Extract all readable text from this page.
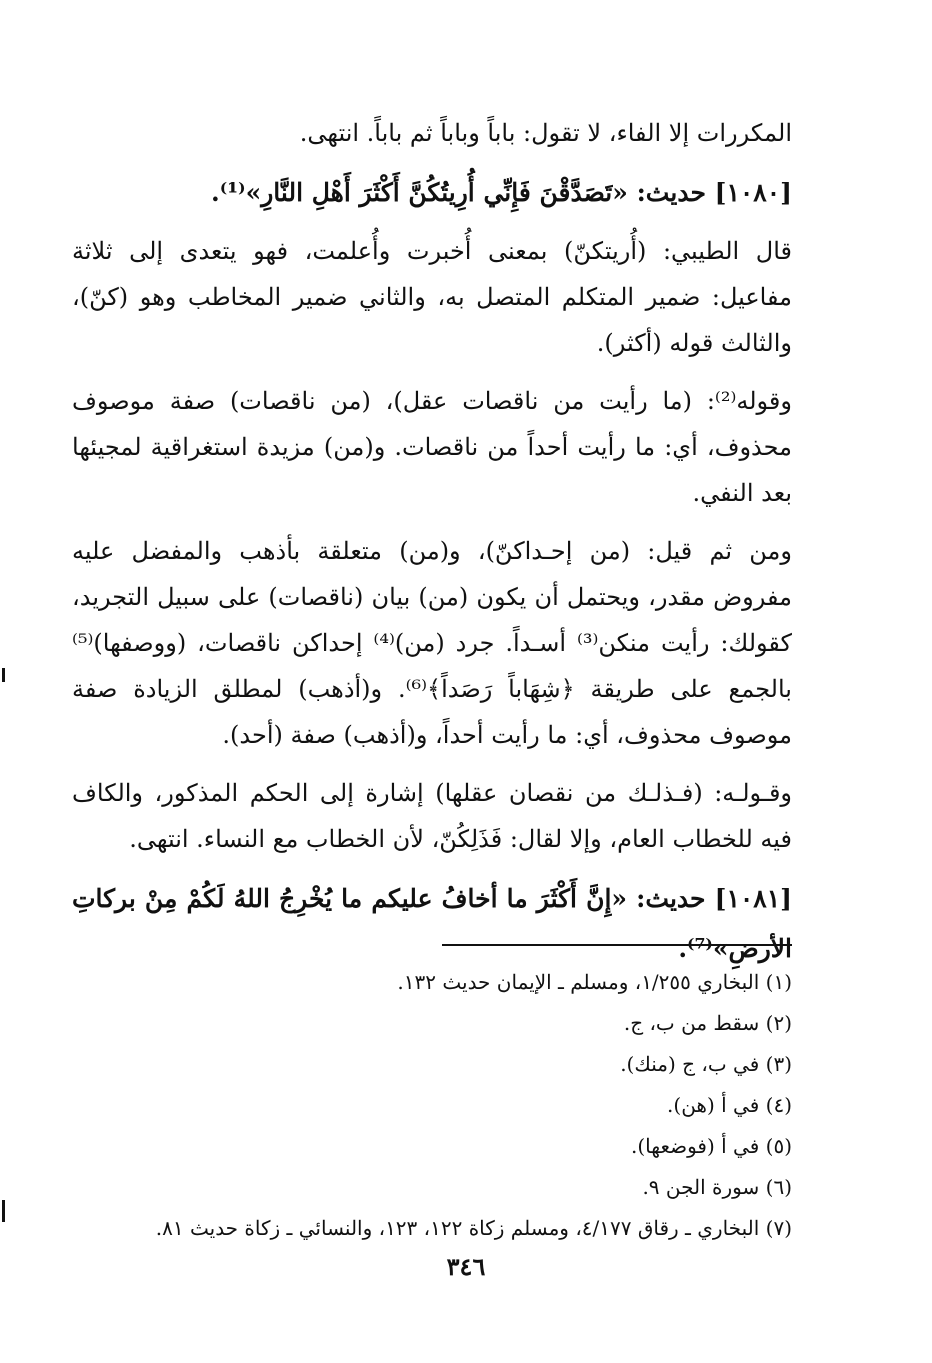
المكررات إلا الفاء، لا تقول: باباً وباباً ثم باباً. انتهى.
[١٠٨٠] حديث: «تَصَدَّقْنَ فَإِنِّي أُرِيتُكُنَّ أَكْثَرَ أَهْلِ النَّارِ»⁽¹⁾.
قال الطيبي: (أُريتكنّ) بمعنى أُخبرت وأُعلمت، فهو يتعدى إلى ثلاثة مفاعيل: ضمير المتكلم المتصل به، والثاني ضمير المخاطب وهو (كنّ)، والثالث قوله (أكثر).
وقوله⁽²⁾: (ما رأيت من ناقصات عقل)، (من ناقصات) صفة موصوف محذوف، أي: ما رأيت أحداً من ناقصات. و(من) مزيدة استغراقية لمجيئها بعد النفي.
ومن ثم قيل: (من إحـداكنّ)، و(من) متعلقة بأذهب والمفضل عليه مفروض مقدر، ويحتمل أن يكون (من) بيان (ناقصات) على سبيل التجريد، كقولك: رأيت منكن⁽³⁾ أسـداً. جرد (من)⁽⁴⁾ إحداكن ناقصات، (ووصفها)⁽⁵⁾ بالجمع على طريقة ﴿شِهَاباً رَصَداً﴾⁽⁶⁾. و(أذهب) لمطلق الزيادة صفة موصوف محذوف، أي: ما رأيت أحداً، و(أذهب) صفة (أحد).
وقـولـه: (فـذلـك من نقصان عقلها) إشارة إلى الحكم المذكور، والكاف فيه للخطاب العام، وإلا لقال: فَذَلِكُنّ، لأن الخطاب مع النساء. انتهى.
[١٠٨١] حديث: «إِنَّ أَكْثَرَ ما أخافُ عليكم ما يُخْرِجُ اللهُ لَكُمْ مِنْ بركاتِ الأرضِ»⁽⁷⁾.
(١) البخاري ١/٢٥٥، ومسلم ـ الإيمان حديث ١٣٢.
(٢) سقط من ب، ج.
(٣) في ب، ج (منك).
(٤) في أ (هن).
(٥) في أ (فوضعها).
(٦) سورة الجن ٩.
(٧) البخاري ـ رقاق ٤/١٧٧، ومسلم زكاة ١٢٢، ١٢٣، والنسائي ـ زكاة حديث ٨١.
٣٤٦
